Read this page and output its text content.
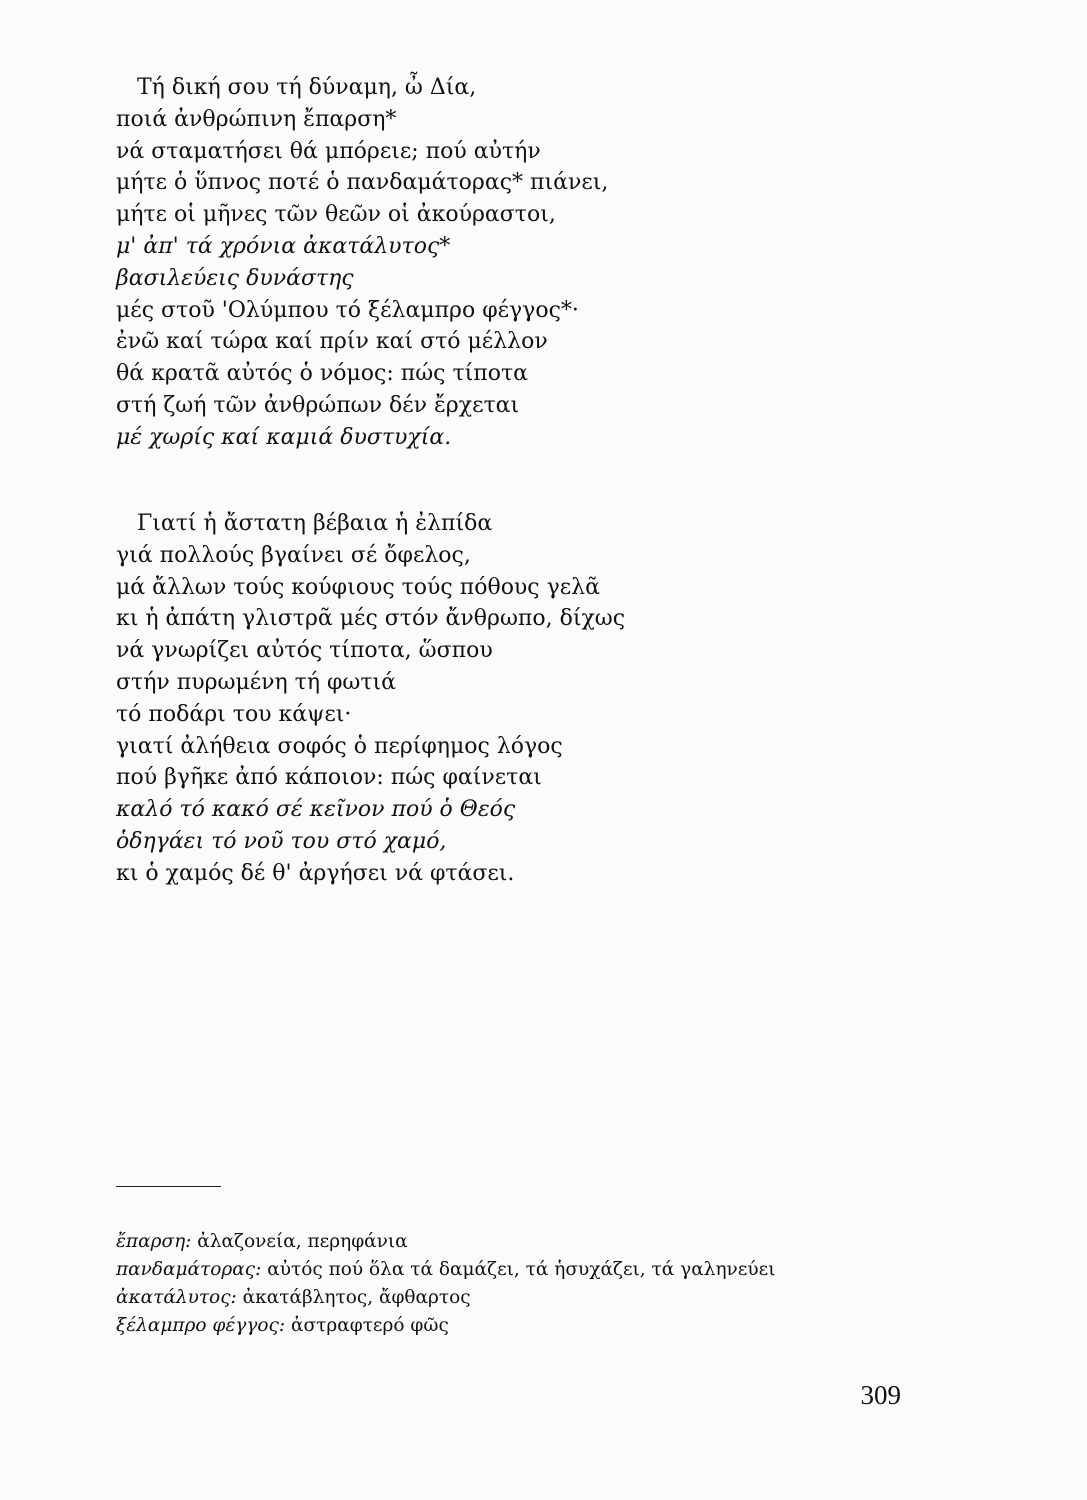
Τή δική σου τή δύναμη, ὦ Δία,
ποιά ἀνθρώπινη ἔπαρση*
νά σταματήσει θά μπόρειε; πού αὐτήν
μήτε ὁ ὕπνος ποτέ ὁ πανδαμάτορας* πιάνει,
μήτε οἱ μῆνες τῶν θεῶν οἱ ἀκούραστοι,
μ' ἀπ' τά χρόνια ἀκατάλυτος*
βασιλεύεις δυνάστης
μές στοῦ 'Ολύμπου τό ξέλαμπρο φέγγος*·
ἐνῶ καί τώρα καί πρίν καί στό μέλλον
θά κρατᾶ αὐτός ὁ νόμος: πώς τίποτα
στή ζωή τῶν ἀνθρώπων δέν ἔρχεται
μέ χωρίς καί καμιά δυστυχία.
Γιατί ἡ ἄστατη βέβαια ἡ ἐλπίδα
γιά πολλούς βγαίνει σέ ὄφελος,
μά ἄλλων τούς κούφιους τούς πόθους γελᾶ
κι ἡ ἀπάτη γλιστρᾶ μές στόν ἄνθρωπο, δίχως
νά γνωρίζει αὐτός τίποτα, ὥσπου
στήν πυρωμένη τή φωτιά
τό ποδάρι του κάψει·
γιατί ἀλήθεια σοφός ὁ περίφημος λόγος
πού βγῆκε ἀπό κάποιον: πώς φαίνεται
καλό τό κακό σέ κεῖνον πού ὁ Θεός
ὁδηγάει τό νοῦ του στό χαμό,
κι ὁ χαμός δέ θ' ἀργήσει νά φτάσει.
ἔπαρση: ἀλαζονεία, περηφάνια
πανδαμάτορας: αὐτός πού ὅλα τά δαμάζει, τά ἡσυχάζει, τά γαληνεύει
ἀκατάλυτος: ἀκατάβλητος, ἄφθαρτος
ξέλαμπρο φέγγος: ἀστραφτερό φῶς
309
